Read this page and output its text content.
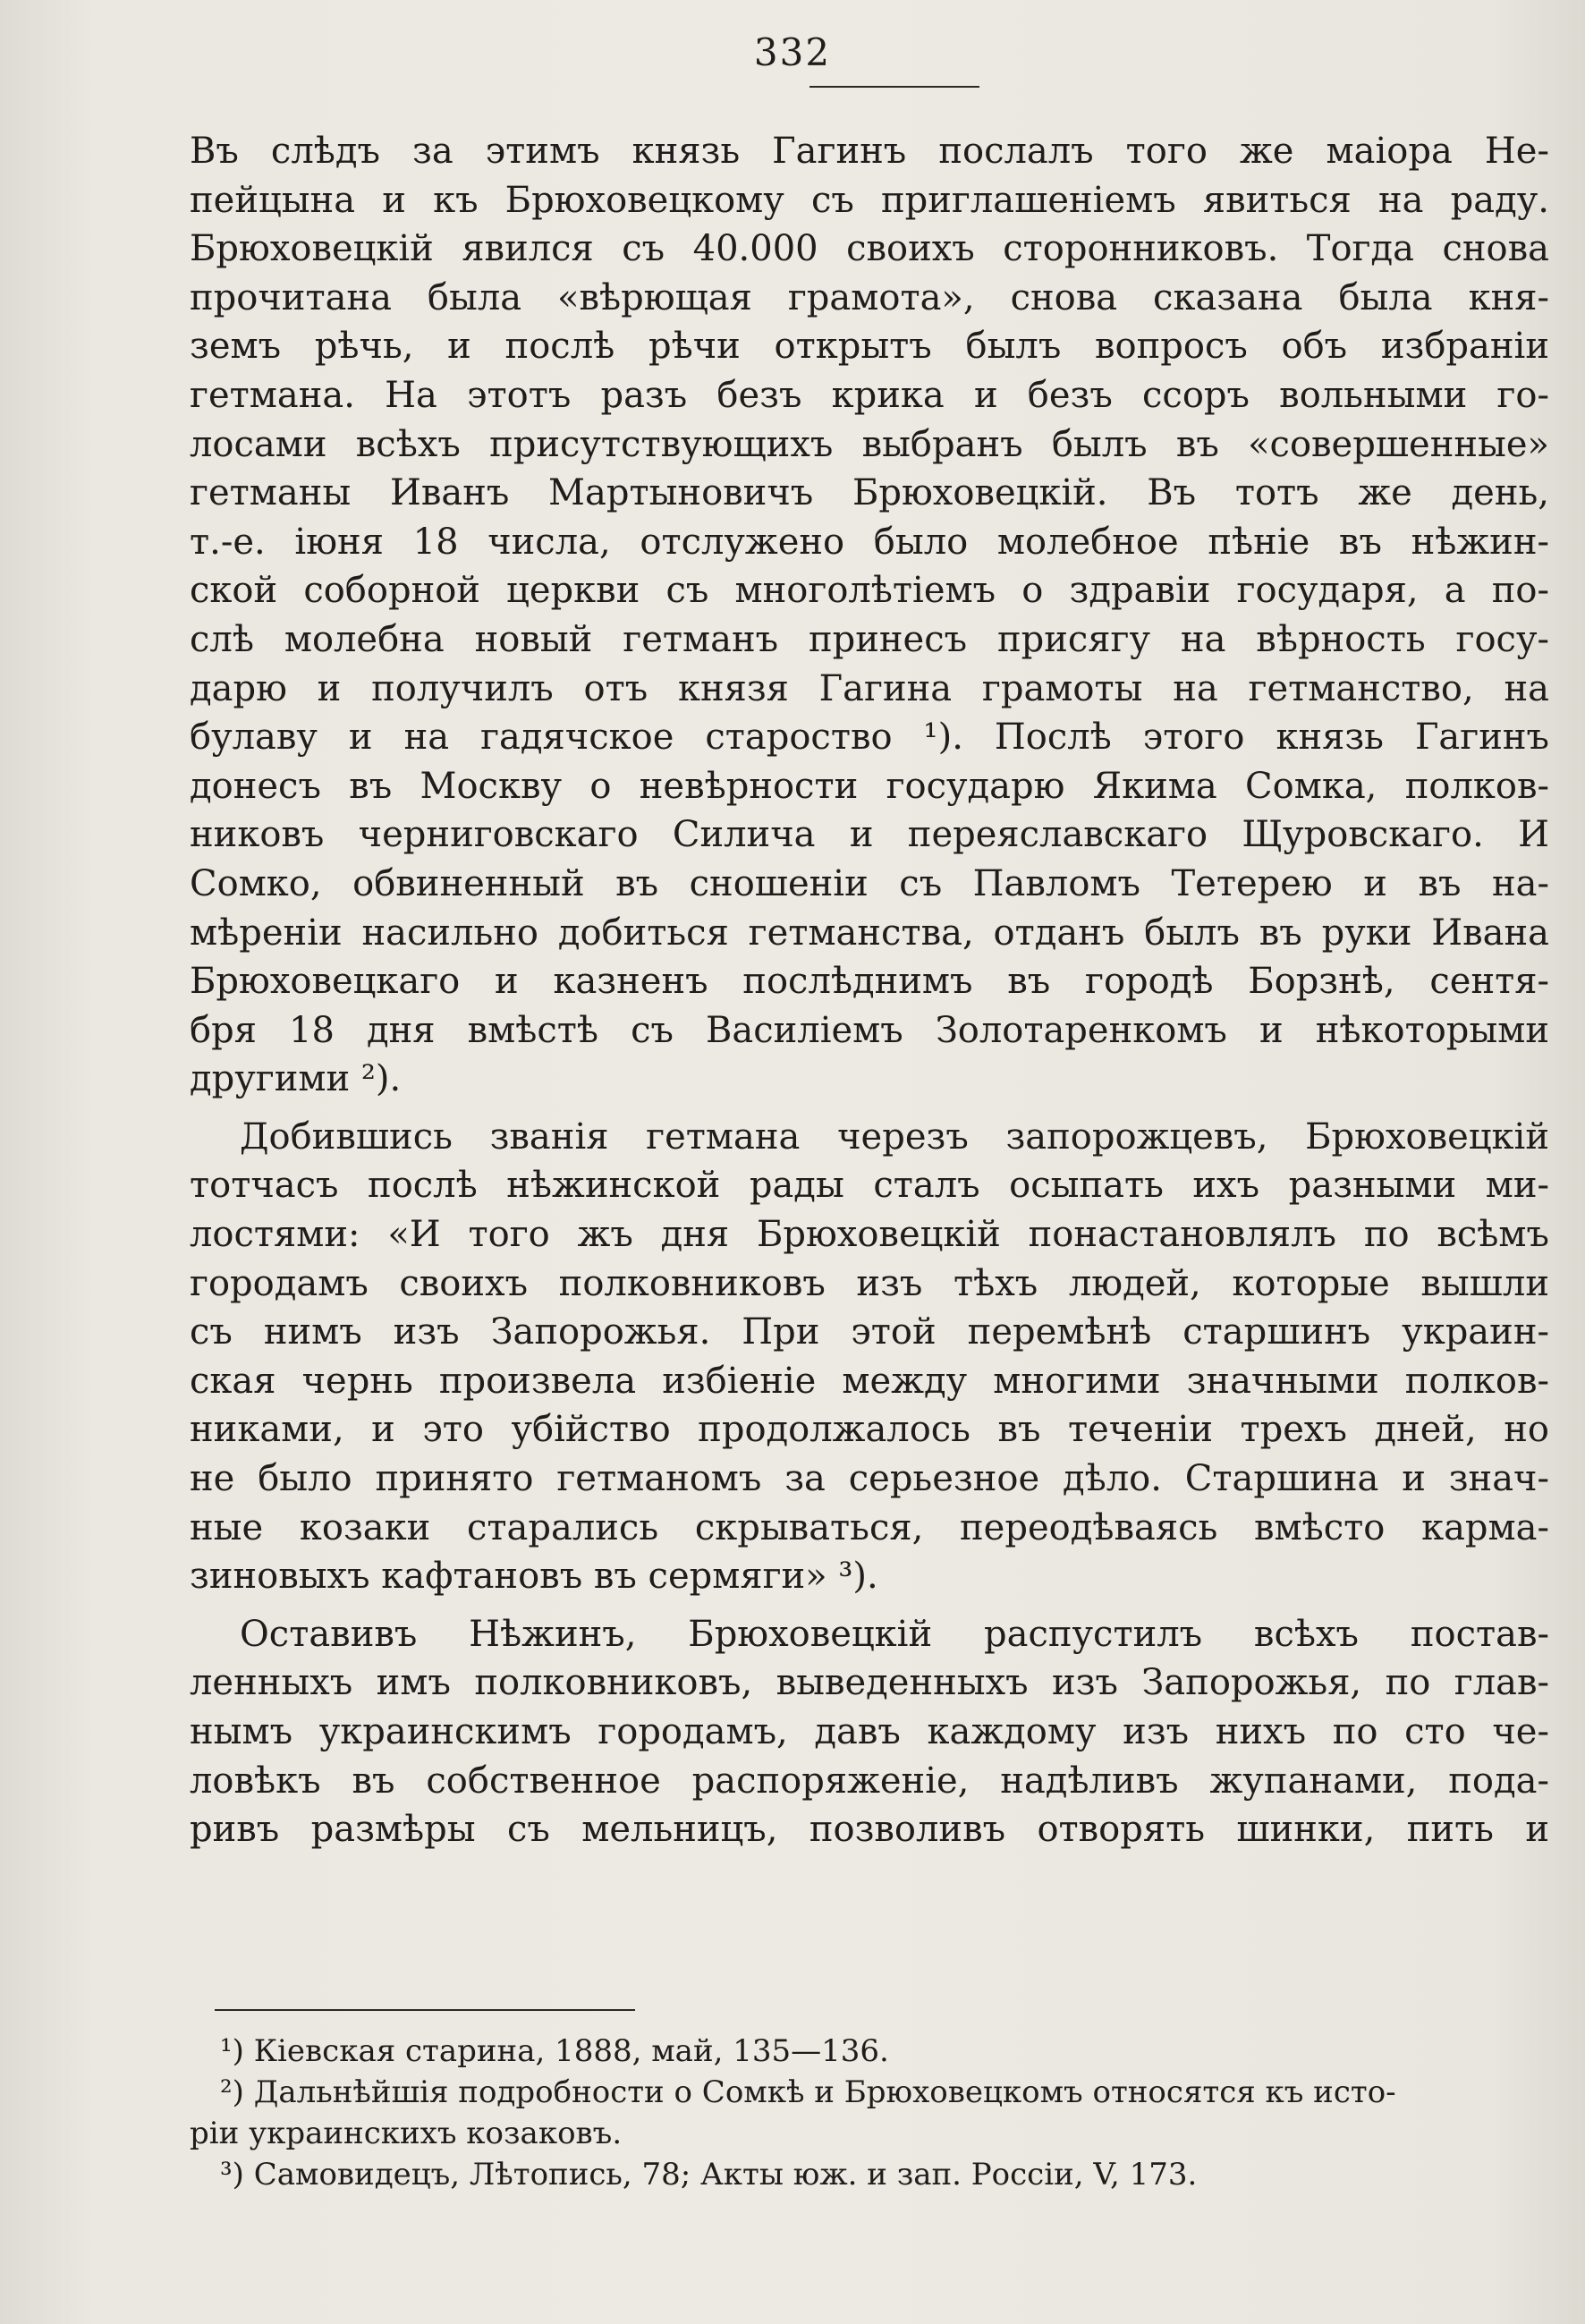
332
Въ слѣдъ за этимъ князь Гагинъ послалъ того же маіора Не-
пейцына и къ Брюховецкому съ приглашеніемъ явиться на раду.
Брюховецкій явился съ 40.000 своихъ сторонниковъ. Тогда снова
прочитана была «вѣрющая грамота», снова сказана была кня-
земъ рѣчь, и послѣ рѣчи открытъ былъ вопросъ объ избраніи
гетмана. На этотъ разъ безъ крика и безъ ссоръ вольными го-
лосами всѣхъ присутствующихъ выбранъ былъ въ «совершенные»
гетманы Иванъ Мартыновичъ Брюховецкій. Въ тотъ же день,
т.-е. іюня 18 числа, отслужено было молебное пѣніе въ нѣжин-
ской соборной церкви съ многолѣтіемъ о здравіи государя, а по-
слѣ молебна новый гетманъ принесъ присягу на вѣрность госу-
дарю и получилъ отъ князя Гагина грамоты на гетманство, на
булаву и на гадячское староство ¹). Послѣ этого князь Гагинъ
донесъ въ Москву о невѣрности государю Якима Сомка, полков-
никовъ черниговскаго Силича и переяславскаго Щуровскаго. И
Сомко, обвиненный въ сношеніи съ Павломъ Тетерею и въ на-
мѣреніи насильно добиться гетманства, отданъ былъ въ руки Ивана
Брюховецкаго и казненъ послѣднимъ въ городѣ Борзнѣ, сентя-
бря 18 дня вмѣстѣ съ Василіемъ Золотаренкомъ и нѣкоторыми
другими ²).
Добившись званія гетмана черезъ запорожцевъ, Брюховецкій
тотчасъ послѣ нѣжинской рады сталъ осыпать ихъ разными ми-
лостями: «И того жъ дня Брюховецкій понастановлялъ по всѣмъ
городамъ своихъ полковниковъ изъ тѣхъ людей, которые вышли
съ нимъ изъ Запорожья. При этой перемѣнѣ старшинъ украин-
ская чернь произвела избіеніе между многими значными полков-
никами, и это убійство продолжалось въ теченіи трехъ дней, но
не было принято гетманомъ за серьезное дѣло. Старшина и знач-
ные козаки старались скрываться, переодѣваясь вмѣсто карма-
зиновыхъ кафтановъ въ сермяги» ³).
Оставивъ Нѣжинъ, Брюховецкій распустилъ всѣхъ постав-
ленныхъ имъ полковниковъ, выведенныхъ изъ Запорожья, по глав-
нымъ украинскимъ городамъ, давъ каждому изъ нихъ по сто че-
ловѣкъ въ собственное распоряженіе, надѣливъ жупанами, пода-
ривъ размѣры съ мельницъ, позволивъ отворять шинки, пить и
¹) Кіевская старина, 1888, май, 135—136.
²) Дальнѣйшія подробности о Сомкѣ и Брюховецкомъ относятся къ исто-
ріи украинскихъ козаковъ.
³) Самовидецъ, Лѣтопись, 78; Акты юж. и зап. Россіи, V, 173.
